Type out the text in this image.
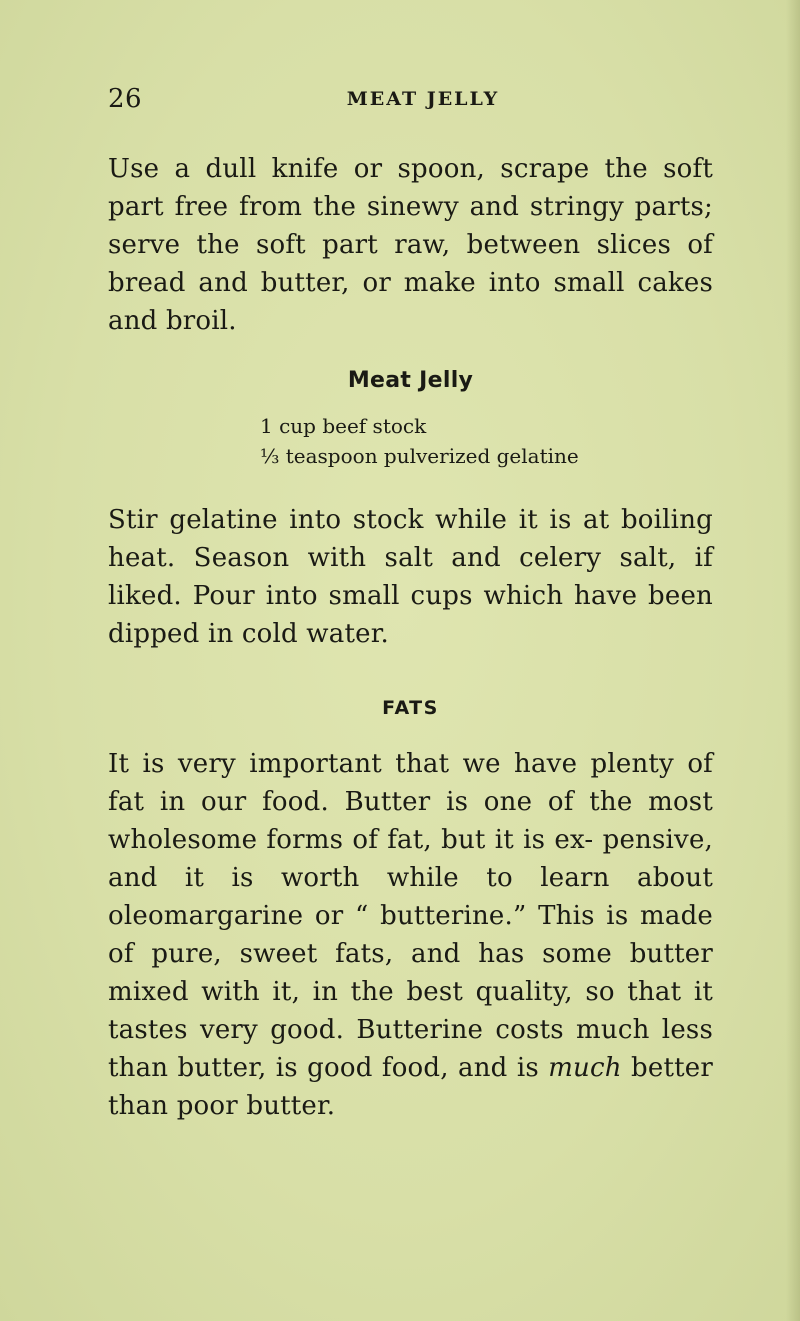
26	MEAT JELLY

Use a dull knife or spoon, scrape the soft part free from the sinewy and stringy parts; serve the soft part raw, between slices of bread and butter, or make into small cakes and broil.

Meat Jelly
1 cup beef stock
⅓ teaspoon pulverized gelatine

Stir gelatine into stock while it is at boiling heat. Season with salt and celery salt, if liked. Pour into small cups which have been dipped in cold water.

FATS

It is very important that we have plenty of fat in our food. Butter is one of the most wholesome forms of fat, but it is ex- pensive, and it is worth while to learn about oleomargarine or “ butterine.” This is made of pure, sweet fats, and has some butter mixed with it, in the best quality, so that it tastes very good. Butterine costs much less than butter, is good food, and is much better than poor butter.
